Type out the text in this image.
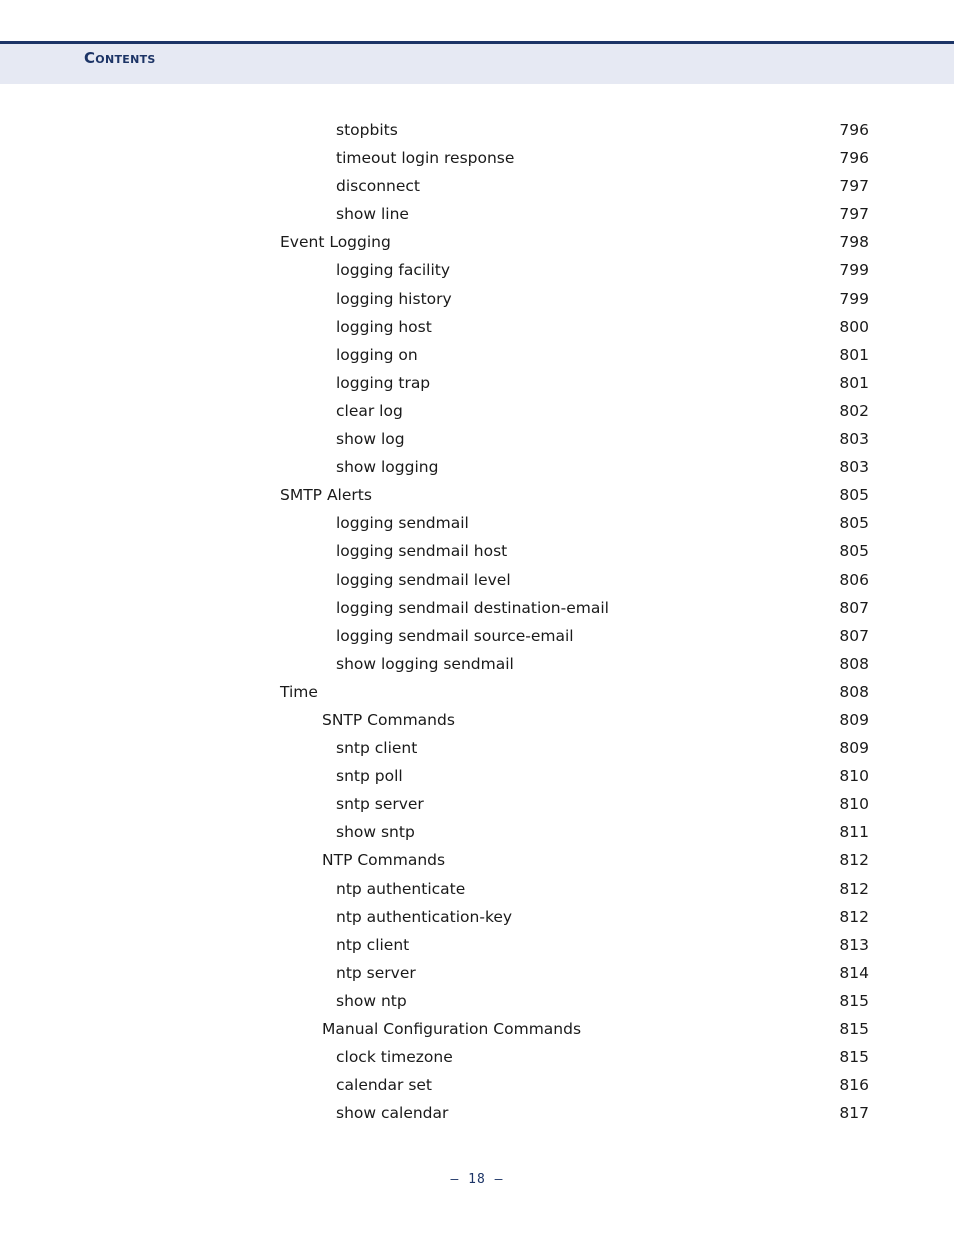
Contents
stopbits	796
timeout login response	796
disconnect	797
show line	797
Event Logging	798
logging facility	799
logging history	799
logging host	800
logging on	801
logging trap	801
clear log	802
show log	803
show logging	803
SMTP Alerts	805
logging sendmail	805
logging sendmail host	805
logging sendmail level	806
logging sendmail destination-email	807
logging sendmail source-email	807
show logging sendmail	808
Time	808
SNTP Commands	809
sntp client	809
sntp poll	810
sntp server	810
show sntp	811
NTP Commands	812
ntp authenticate	812
ntp authentication-key	812
ntp client	813
ntp server	814
show ntp	815
Manual Configuration Commands	815
clock timezone	815
calendar set	816
show calendar	817
– 18 –
